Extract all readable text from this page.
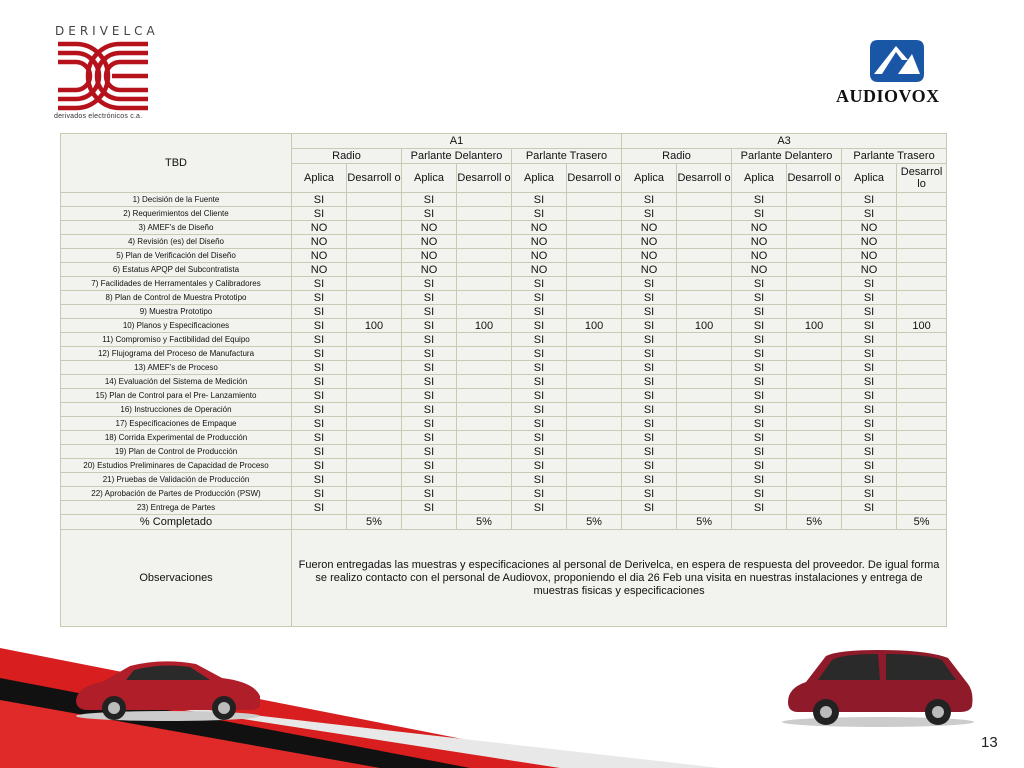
DERIVELCA
derivados electrónicos c.a.
AUDIOVOX
TBD	A1						A3					
	Radio		Parlante Delantero		Parlante Trasero		Radio		Parlante Delantero		Parlante Trasero	
	Aplica	Desarroll o	Aplica	Desarroll o	Aplica	Desarroll o	Aplica	Desarroll o	Aplica	Desarroll o	Aplica	Desarrol lo
1) Decisión de la Fuente	SI		SI		SI		SI		SI		SI	
2) Requerimientos del Cliente	SI		SI		SI		SI		SI		SI	
3) AMEF's de Diseño	NO		NO		NO		NO		NO		NO	
4) Revisión (es) del Diseño	NO		NO		NO		NO		NO		NO	
5) Plan de Verificación del Diseño	NO		NO		NO		NO		NO		NO	
6) Estatus APQP del Subcontratista	NO		NO		NO		NO		NO		NO	
7) Facilidades de Herramentales y Calibradores	SI		SI		SI		SI		SI		SI	
8) Plan de Control de Muestra Prototipo	SI		SI		SI		SI		SI		SI	
9) Muestra Prototipo	SI		SI		SI		SI		SI		SI	
10) Planos y Especificaciones	SI	100	SI	100	SI	100	SI	100	SI	100	SI	100
11) Compromiso y Factibilidad del Equipo	SI		SI		SI		SI		SI		SI	
12) Flujograma del Proceso de Manufactura	SI		SI		SI		SI		SI		SI	
13) AMEF's de Proceso	SI		SI		SI		SI		SI		SI	
14) Evaluación del Sistema de Medición	SI		SI		SI		SI		SI		SI	
15) Plan de Control para el Pre- Lanzamiento	SI		SI		SI		SI		SI		SI	
16) Instrucciones de Operación	SI		SI		SI		SI		SI		SI	
17) Especificaciones de Empaque	SI		SI		SI		SI		SI		SI	
18) Corrida Experimental de Producción	SI		SI		SI		SI		SI		SI	
19) Plan de Control de Producción	SI		SI		SI		SI		SI		SI	
20) Estudios Preliminares de Capacidad de Proceso	SI		SI		SI		SI		SI		SI	
21) Pruebas de Validación de Producción	SI		SI		SI		SI		SI		SI	
22) Aprobación de Partes de Producción (PSW)	SI		SI		SI		SI		SI		SI	
23) Entrega de Partes	SI		SI		SI		SI		SI		SI	
% Completado		5%		5%		5%		5%		5%		5%
Observaciones	Fueron entregadas las muestras y especificaciones al personal de Derivelca, en espera de respuesta del proveedor. De igual forma se realizo contacto con el personal de Audiovox, proponiendo el dia 26 Feb una visita en nuestras instalaciones y entrega de muestras fisicas y especificaciones											
13
